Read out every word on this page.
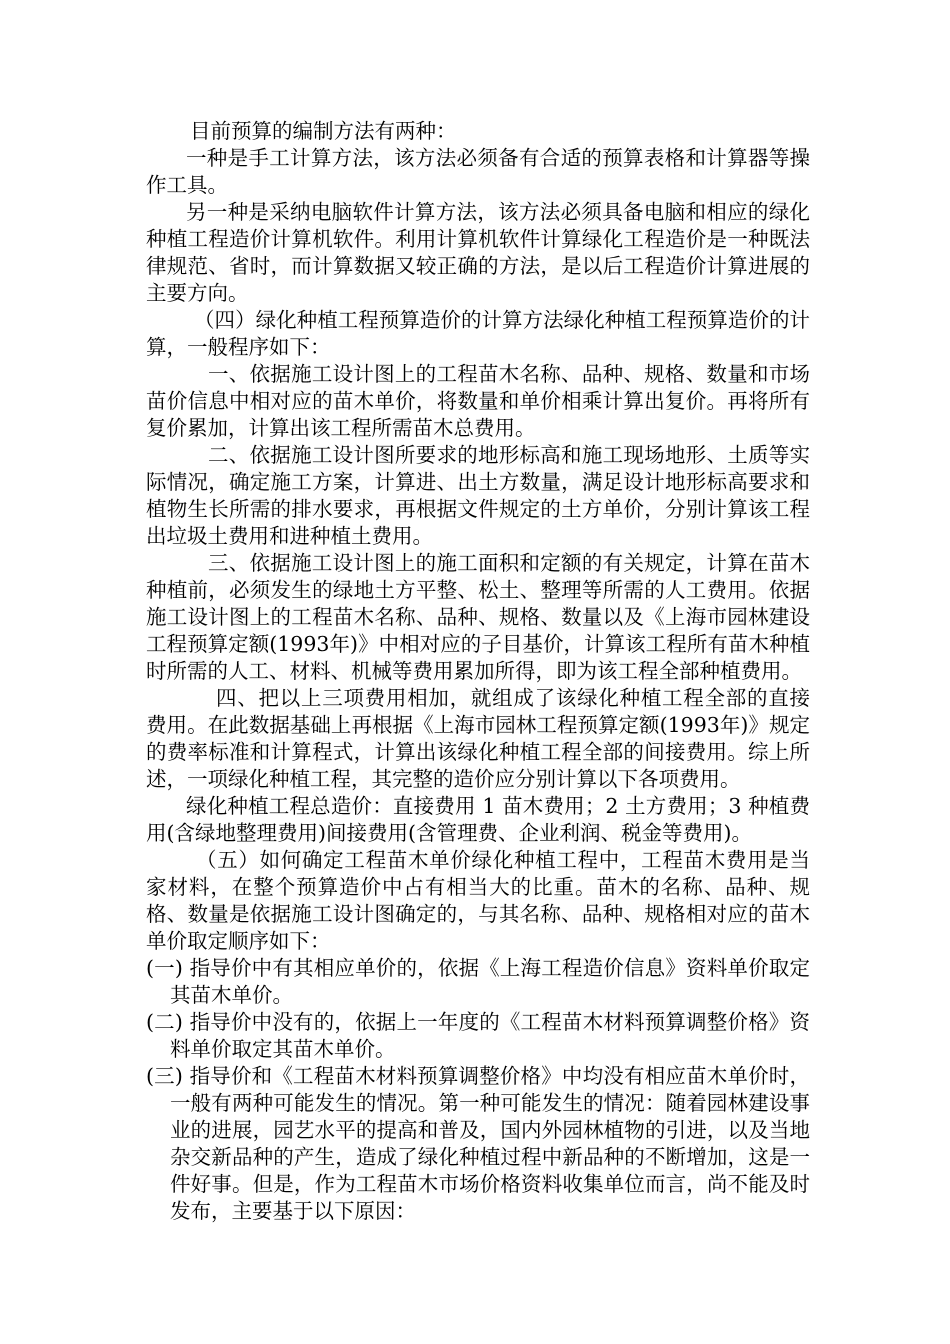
目前预算的编制方法有两种：

一种是手工计算方法，该方法必须备有合适的预算表格和计算器等操作工具。

另一种是采纳电脑软件计算方法，该方法必须具备电脑和相应的绿化种植工程造价计算机软件。利用计算机软件计算绿化工程造价是一种既法律规范、省时，而计算数据又较正确的方法，是以后工程造价计算进展的主要方向。

（四）绿化种植工程预算造价的计算方法绿化种植工程预算造价的计算，一般程序如下：

一、依据施工设计图上的工程苗木名称、品种、规格、数量和市场苗价信息中相对应的苗木单价，将数量和单价相乘计算出复价。再将所有复价累加，计算出该工程所需苗木总费用。

二、依据施工设计图所要求的地形标高和施工现场地形、土质等实际情况，确定施工方案，计算进、出土方数量，满足设计地形标高要求和植物生长所需的排水要求，再根据文件规定的土方单价，分别计算该工程出垃圾土费用和进种植土费用。

三、依据施工设计图上的施工面积和定额的有关规定，计算在苗木种植前，必须发生的绿地土方平整、松土、整理等所需的人工费用。依据施工设计图上的工程苗木名称、品种、规格、数量以及《上海市园林建设工程预算定额(1993年)》中相对应的子目基价，计算该工程所有苗木种植时所需的人工、材料、机械等费用累加所得，即为该工程全部种植费用。

四、把以上三项费用相加，就组成了该绿化种植工程全部的直接费用。在此数据基础上再根据《上海市园林工程预算定额(1993年)》规定的费率标准和计算程式，计算出该绿化种植工程全部的间接费用。综上所述，一项绿化种植工程，其完整的造价应分别计算以下各项费用。

绿化种植工程总造价：直接费用 1 苗木费用；2 土方费用；3 种植费用(含绿地整理费用)间接费用(含管理费、企业利润、税金等费用)。

（五）如何确定工程苗木单价绿化种植工程中，工程苗木费用是当家材料，在整个预算造价中占有相当大的比重。苗木的名称、品种、规格、数量是依据施工设计图确定的，与其名称、品种、规格相对应的苗木单价取定顺序如下：

(一) 指导价中有其相应单价的，依据《上海工程造价信息》资料单价取定其苗木单价。

(二) 指导价中没有的，依据上一年度的《工程苗木材料预算调整价格》资料单价取定其苗木单价。

(三) 指导价和《工程苗木材料预算调整价格》中均没有相应苗木单价时，一般有两种可能发生的情况。第一种可能发生的情况：随着园林建设事业的进展，园艺水平的提高和普及，国内外园林植物的引进，以及当地杂交新品种的产生，造成了绿化种植过程中新品种的不断增加，这是一件好事。但是，作为工程苗木市场价格资料收集单位而言，尚不能及时发布，主要基于以下原因：
